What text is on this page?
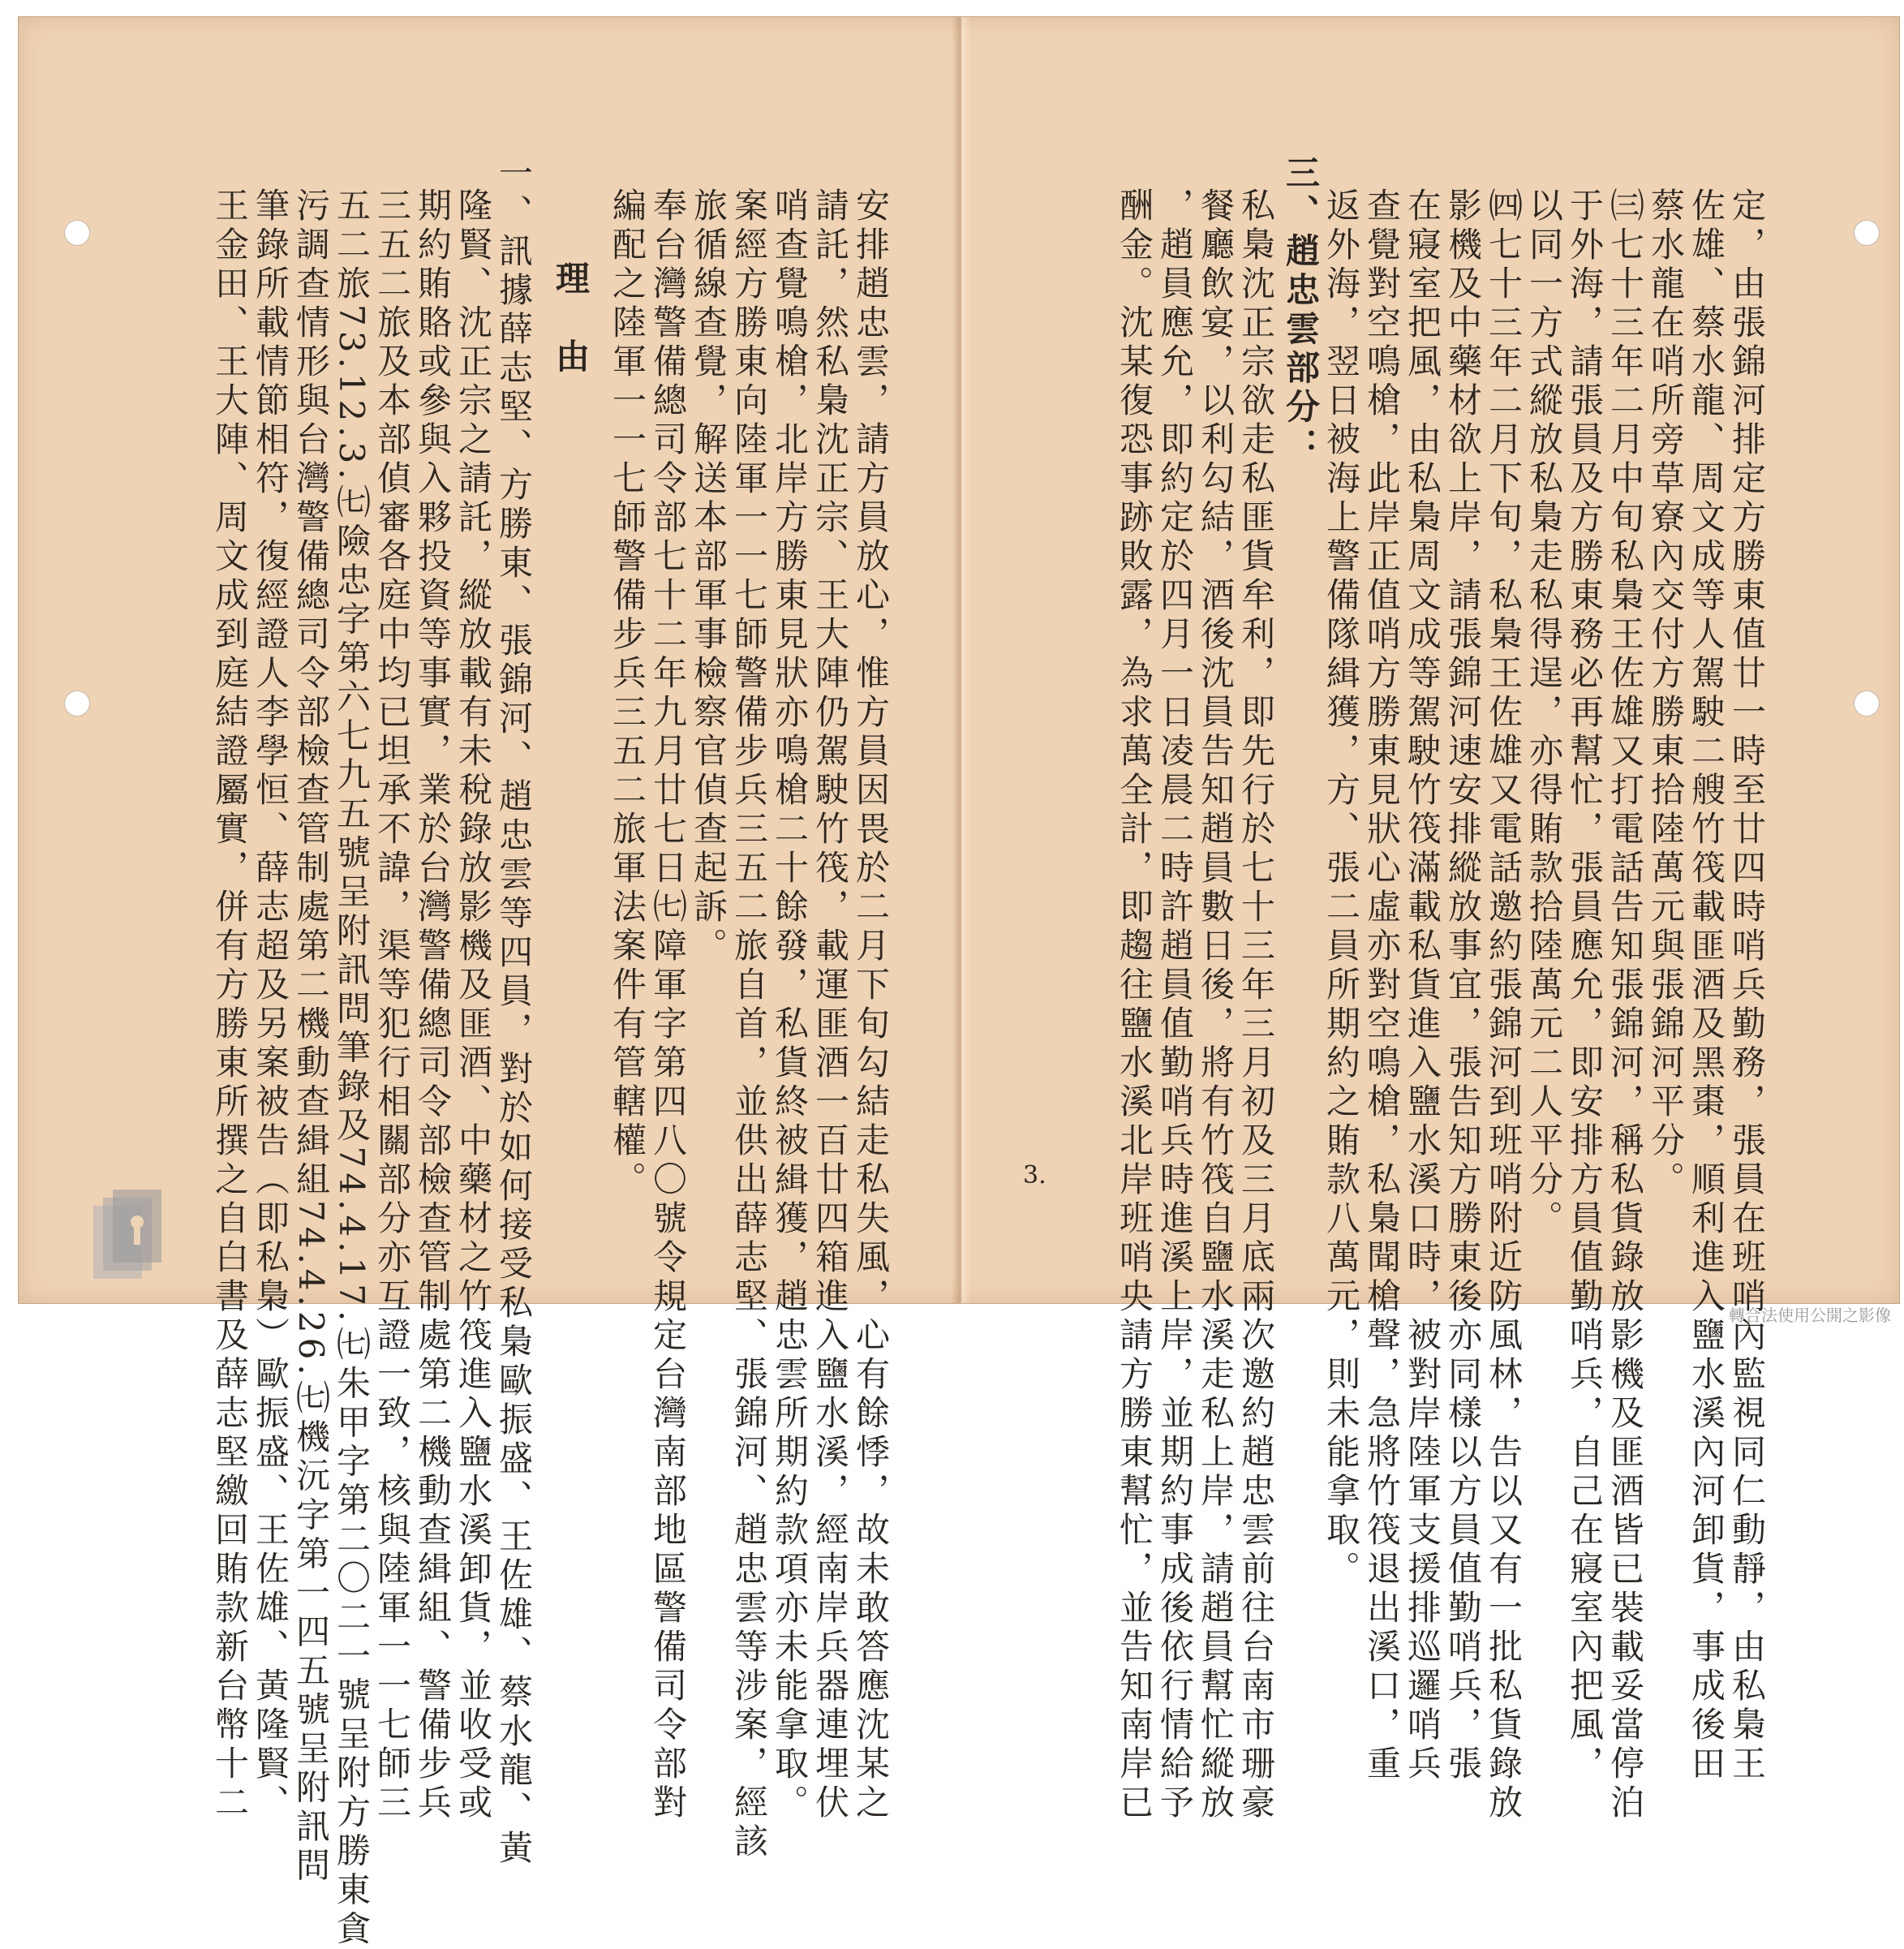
定，由張錦河排定方勝東值廿一時至廿四時哨兵勤務，張員在班哨內監視同仁動靜，由私梟王
佐雄、蔡水龍、周文成等人駕駛二艘竹筏載匪酒及黑棗，順利進入鹽水溪內河卸貨，事成後田
蔡水龍在哨所旁草寮內交付方勝東拾陸萬元與張錦河平分。
㈢七十三年二月中旬私梟王佐雄又打電話告知張錦河，稱私貨錄放影機及匪酒皆已裝載妥當停泊
于外海，請張員及方勝東務必再幫忙，張員應允，即安排方員值勤哨兵，自己在寢室內把風，
以同一方式縱放私梟走私得逞，亦得賄款拾陸萬元二人平分。
㈣七十三年二月下旬，私梟王佐雄又電話邀約張錦河到班哨附近防風林，告以又有一批私貨錄放
影機及中藥材欲上岸，請張錦河速安排縱放事宜，張告知方勝東後亦同樣以方員值勤哨兵，張
在寢室把風，由私梟周文成等駕駛竹筏滿載私貨進入鹽水溪口時，被對岸陸軍支援排巡邏哨兵
查覺對空鳴槍，此岸正值哨方勝東見狀心虛亦對空鳴槍，私梟聞槍聲，急將竹筏退出溪口，重
返外海，翌日被海上警備隊緝獲，方、張二員所期約之賄款八萬元，則未能拿取。
三、趙忠雲部分：
私梟沈正宗欲走私匪貨牟利，即先行於七十三年三月初及三月底兩次邀約趙忠雲前往台南市珊豪
餐廳飲宴，以利勾結，酒後沈員告知趙員數日後，將有竹筏自鹽水溪走私上岸，請趙員幫忙縱放
，趙員應允，即約定於四月一日凌晨二時許趙員值勤哨兵時進溪上岸，並期約事成後依行情給予
酬金。沈某復恐事跡敗露，為求萬全計，即趨往鹽水溪北岸班哨央請方勝東幫忙，並告知南岸已
3.
安排趙忠雲，請方員放心，惟方員因畏於二月下旬勾結走私失風，心有餘悸，故未敢答應沈某之
請託，然私梟沈正宗、王大陣仍駕駛竹筏，載運匪酒一百廿四箱進入鹽水溪，經南岸兵器連埋伏
哨查覺鳴槍，北岸方勝東見狀亦鳴槍二十餘發，私貨終被緝獲，趙忠雲所期約款項亦未能拿取。
案經方勝東向陸軍一一七師警備步兵三五二旅自首，並供出薛志堅、張錦河、趙忠雲等涉案，經該
旅循線查覺，解送本部軍事檢察官偵查起訴。
奉台灣警備總司令部七十二年九月廿七日㈦障軍字第四八〇號令規定台灣南部地區警備司令部對
編配之陸軍一一七師警備步兵三五二旅軍法案件有管轄權。
理　由
一、訊據薛志堅、方勝東、張錦河、趙忠雲等四員，對於如何接受私梟歐振盛、王佐雄、蔡水龍、黃
隆賢、沈正宗之請託，縱放載有未稅錄放影機及匪酒、中藥材之竹筏進入鹽水溪卸貨，並收受或
期約賄賂或參與入夥投資等事實，業於台灣警備總司令部檢查管制處第二機動查緝組、警備步兵
三五二旅及本部偵審各庭中均已坦承不諱，渠等犯行相關部分亦互證一致，核與陸軍一一七師三
五二旅73.12.3.㈦險忠字第六七九五號呈附訊問筆錄及74.4.17.㈦朱甲字第二〇二一號呈附方勝東貪
污調查情形與台灣警備總司令部檢查管制處第二機動查緝組74.4.26.㈦機沅字第一四五號呈附訊問
筆錄所載情節相符，復經證人李學恒、薛志超及另案被告（即私梟）歐振盛、王佐雄、黃隆賢、
王金田、王大陣、周文成到庭結證屬實，併有方勝東所撰之自白書及薛志堅繳回賄款新台幣十二	轉合法使用公開之影像
